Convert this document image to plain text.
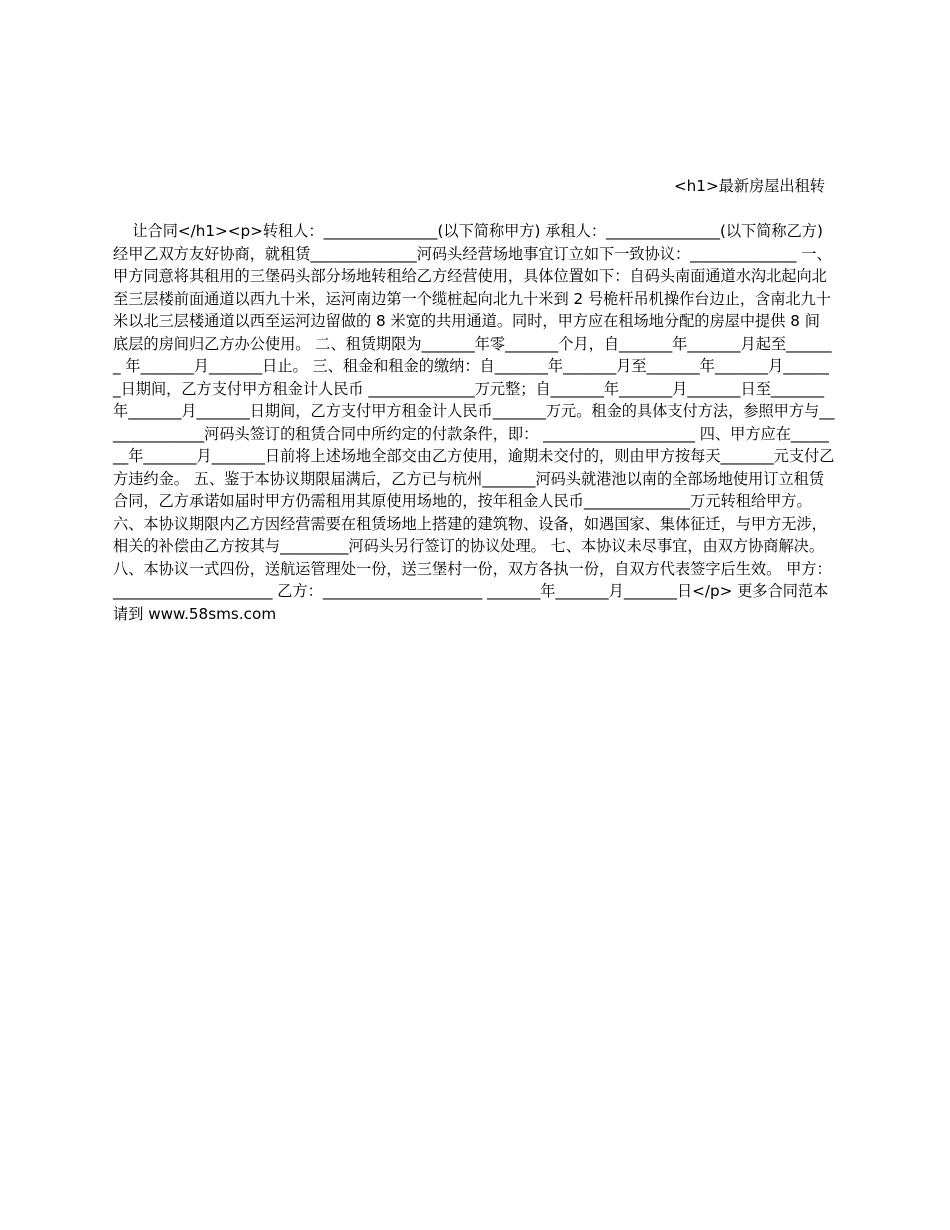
<h1>最新房屋出租转

让合同</h1><p>转租人：_______________(以下简称甲方) 承租人：_______________(以下简称乙方) 经甲乙双方友好协商，就租赁______________河码头经营场地事宜订立如下一致协议：______________ 一、甲方同意将其租用的三堡码头部分场地转租给乙方经营使用，具体位置如下：自码头南面通道水沟北起向北至三层楼前面通道以西九十米，运河南边第一个缆桩起向北九十米到 2 号桅杆吊机操作台边止，含南北九十米以北三层楼通道以西至运河边留做的 8 米宽的共用通道。同时，甲方应在租场地分配的房屋中提供 8 间底层的房间归乙方办公使用。 二、租赁期限为_______年零_______个月，自_______年_______月起至_______ 年_______月_______日止。 三、租金和租金的缴纳：自_______年_______月至_______年_______月_______日期间，乙方支付甲方租金计人民币 ______________万元整；自_______年_______月_______日至_______年_______月_______日期间，乙方支付甲方租金计人民币_______万元。租金的具体支付方法，参照甲方与______________河码头签订的租赁合同中所约定的付款条件，即： ____________________ 四、甲方应在_______年_______月_______日前将上述场地全部交由乙方使用，逾期未交付的，则由甲方按每天_______元支付乙方违约金。 五、鉴于本协议期限届满后，乙方已与杭州_______河码头就港池以南的全部场地使用订立租赁合同，乙方承诺如届时甲方仍需租用其原使用场地的，按年租金人民币______________万元转租给甲方。 六、本协议期限内乙方因经营需要在租赁场地上搭建的建筑物、设备，如遇国家、集体征迁，与甲方无涉，相关的补偿由乙方按其与_________河码头另行签订的协议处理。 七、本协议未尽事宜，由双方协商解决。 八、本协议一式四份，送航运管理处一份，送三堡村一份，双方各执一份，自双方代表签字后生效。 甲方：_____________________ 乙方：_____________________ _______年_______月_______日</p> 更多合同范本请到 www.58sms.com
